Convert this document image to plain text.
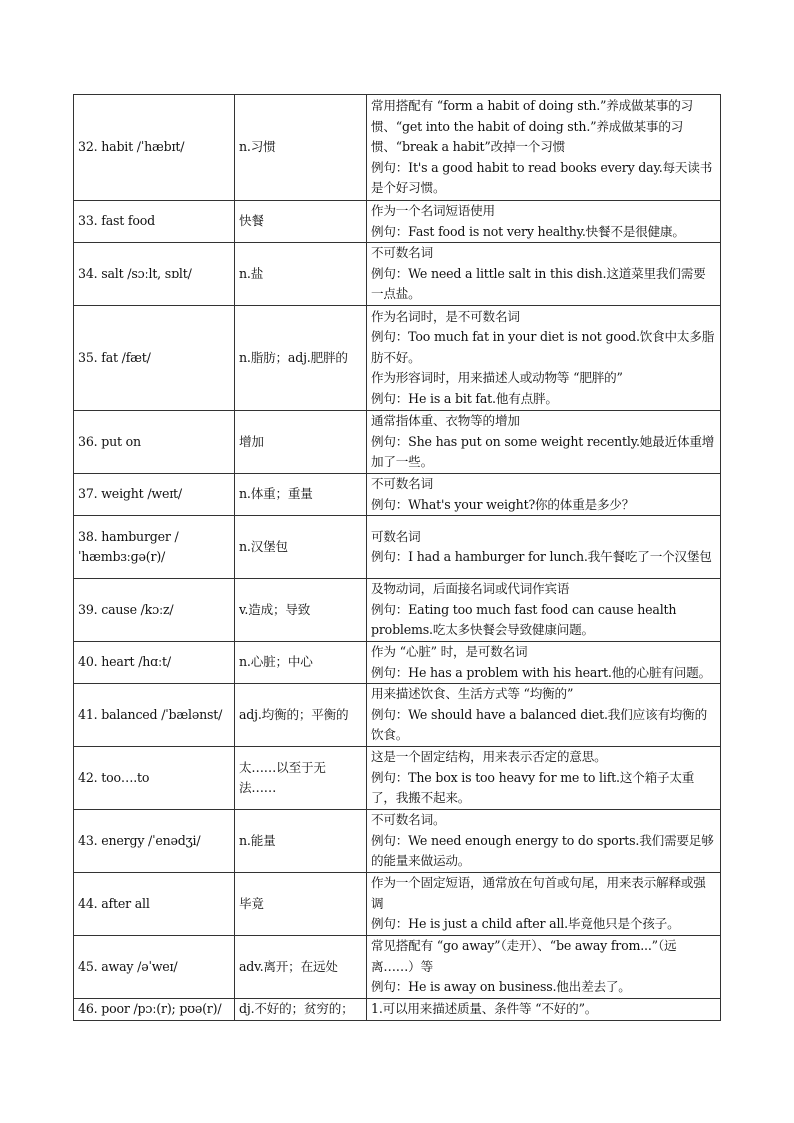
32. habit /ˈhæbɪt/	n.习惯	常用搭配有 “form a habit of doing sth.”养成做某事的习惯、“get into the habit of doing sth.”养成做某事的习惯、“break a habit”改掉一个习惯
例句：It's a good habit to read books every day.每天读书是个好习惯。

33. fast food	快餐	作为一个名词短语使用
例句：Fast food is not very healthy.快餐不是很健康。

34. salt /sɔːlt, sɒlt/	n.盐	不可数名词
例句：We need a little salt in this dish.这道菜里我们需要一点盐。

35. fat /fæt/	n.脂肪；adj.肥胖的	作为名词时，是不可数名词
例句：Too much fat in your diet is not good.饮食中太多脂肪不好。
作为形容词时，用来描述人或动物等 “肥胖的”
例句：He is a bit fat.他有点胖。

36. put on	增加	通常指体重、衣物等的增加
例句：She has put on some weight recently.她最近体重增加了一些。

37. weight /weɪt/	n.体重；重量	不可数名词
例句：What's your weight?你的体重是多少？

38. hamburger /ˈhæmbɜːɡə(r)/	n.汉堡包	可数名词
例句：I had a hamburger for lunch.我午餐吃了一个汉堡包

39. cause /kɔːz/	v.造成；导致	及物动词，后面接名词或代词作宾语
例句：Eating too much fast food can cause health problems.吃太多快餐会导致健康问题。

40. heart /hɑːt/	n.心脏；中心	作为 “心脏” 时，是可数名词
例句：He has a problem with his heart.他的心脏有问题。

41. balanced /ˈbælənst/	adj.均衡的；平衡的	用来描述饮食、生活方式等 “均衡的”
例句：We should have a balanced diet.我们应该有均衡的饮食。

42. too….to	太……以至于无法……	这是一个固定结构，用来表示否定的意思。
例句：The box is too heavy for me to lift.这个箱子太重了，我搬不起来。

43. energy /ˈenədʒi/	n.能量	不可数名词。
例句：We need enough energy to do sports.我们需要足够的能量来做运动。

44. after all	毕竟	作为一个固定短语，通常放在句首或句尾，用来表示解释或强调
例句：He is just a child after all.毕竟他只是个孩子。

45. away /əˈweɪ/	adv.离开；在远处	常见搭配有 “go away”（走开）、“be away from...”（远离……）等
例句：He is away on business.他出差去了。

46. poor /pɔː(r); pʊə(r)/	dj.不好的；贫穷的；	1.可以用来描述质量、条件等 “不好的”。
